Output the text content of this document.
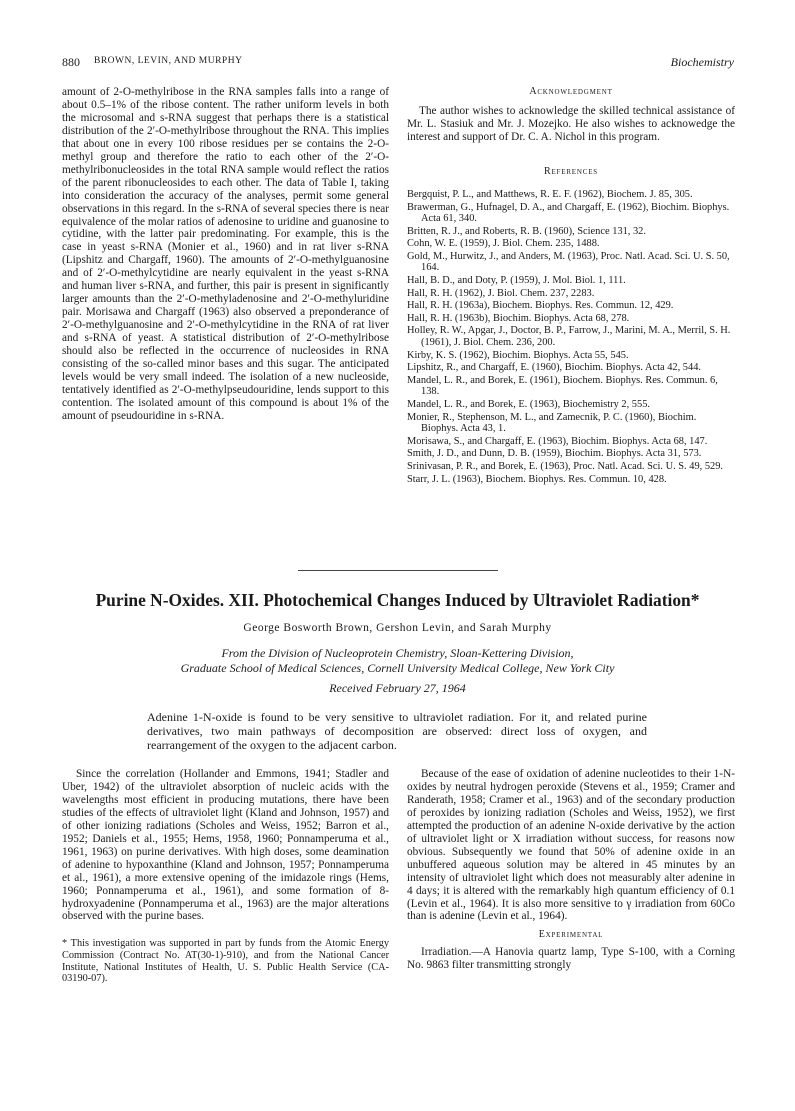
880 BROWN, LEVIN, AND MURPHY	Biochemistry

amount of 2-O-methylribose in the RNA samples falls into a range of about 0.5–1% of the ribose content. The rather uniform levels in both the microsomal and s-RNA suggest that perhaps there is a statistical distribution of the 2′-O-methylribose throughout the RNA. This implies that about one in every 100 ribose residues per se contains the 2-O-methyl group and therefore the ratio to each other of the 2′-O-methylribonucleosides in the total RNA sample would reflect the ratios of the parent ribonucleosides to each other. The data of Table I, taking into consideration the accuracy of the analyses, permit some general observations in this regard. In the s-RNA of several species there is near equivalence of the molar ratios of adenosine to uridine and guanosine to cytidine, with the latter pair predominating. For example, this is the case in yeast s-RNA (Monier et al., 1960) and in rat liver s-RNA (Lipshitz and Chargaff, 1960). The amounts of 2′-O-methylguanosine and of 2′-O-methylcytidine are nearly equivalent in the yeast s-RNA and human liver s-RNA, and further, this pair is present in significantly larger amounts than the 2′-O-methyladenosine and 2′-O-methyluridine pair. Morisawa and Chargaff (1963) also observed a preponderance of 2′-O-methylguanosine and 2′-O-methylcytidine in the RNA of rat liver and s-RNA of yeast. A statistical distribution of 2′-O-methylribose should also be reflected in the occurrence of nucleosides in RNA consisting of the so-called minor bases and this sugar. The anticipated levels would be very small indeed. The isolation of a new nucleoside, tentatively identified as 2′-O-methylpseudouridine, lends support to this contention. The isolated amount of this compound is about 1% of the amount of pseudouridine in s-RNA.

Acknowledgment

The author wishes to acknowledge the skilled technical assistance of Mr. L. Stasiuk and Mr. J. Mozejko. He also wishes to acknowedge the interest and support of Dr. C. A. Nichol in this program.

References
Bergquist, P. L., and Matthews, R. E. F. (1962), Biochem. J. 85, 305.
Brawerman, G., Hufnagel, D. A., and Chargaff, E. (1962), Biochim. Biophys. Acta 61, 340.
Britten, R. J., and Roberts, R. B. (1960), Science 131, 32.
Cohn, W. E. (1959), J. Biol. Chem. 235, 1488.
Gold, M., Hurwitz, J., and Anders, M. (1963), Proc. Natl. Acad. Sci. U. S. 50, 164.
Hall, B. D., and Doty, P. (1959), J. Mol. Biol. 1, 111.
Hall, R. H. (1962), J. Biol. Chem. 237, 2283.
Hall, R. H. (1963a), Biochem. Biophys. Res. Commun. 12, 429.
Hall, R. H. (1963b), Biochim. Biophys. Acta 68, 278.
Holley, R. W., Apgar, J., Doctor, B. P., Farrow, J., Marini, M. A., Merril, S. H. (1961), J. Biol. Chem. 236, 200.
Kirby, K. S. (1962), Biochim. Biophys. Acta 55, 545.
Lipshitz, R., and Chargaff, E. (1960), Biochim. Biophys. Acta 42, 544.
Mandel, L. R., and Borek, E. (1961), Biochem. Biophys. Res. Commun. 6, 138.
Mandel, L. R., and Borek, E. (1963), Biochemistry 2, 555.
Monier, R., Stephenson, M. L., and Zamecnik, P. C. (1960), Biochim. Biophys. Acta 43, 1.
Morisawa, S., and Chargaff, E. (1963), Biochim. Biophys. Acta 68, 147.
Smith, J. D., and Dunn, D. B. (1959), Biochim. Biophys. Acta 31, 573.
Srinivasan, P. R., and Borek, E. (1963), Proc. Natl. Acad. Sci. U. S. 49, 529.
Starr, J. L. (1963), Biochem. Biophys. Res. Commun. 10, 428.
Purine N-Oxides. XII. Photochemical Changes Induced by Ultraviolet Radiation*
George Bosworth Brown, Gershon Levin, and Sarah Murphy
From the Division of Nucleoprotein Chemistry, Sloan-Kettering Division,
Graduate School of Medical Sciences, Cornell University Medical College, New York City
Received February 27, 1964

Adenine 1-N-oxide is found to be very sensitive to ultraviolet radiation. For it, and related purine derivatives, two main pathways of decomposition are observed: direct loss of oxygen, and rearrangement of the oxygen to the adjacent carbon.

Since the correlation (Hollander and Emmons, 1941; Stadler and Uber, 1942) of the ultraviolet absorption of nucleic acids with the wavelengths most efficient in producing mutations, there have been studies of the effects of ultraviolet light (Kland and Johnson, 1957) and of other ionizing radiations (Scholes and Weiss, 1952; Barron et al., 1952; Daniels et al., 1955; Hems, 1958, 1960; Ponnamperuma et al., 1961, 1963) on purine derivatives. With high doses, some deamination of adenine to hypoxanthine (Kland and Johnson, 1957; Ponnamperuma et al., 1961), a more extensive opening of the imidazole rings (Hems, 1960; Ponnamperuma et al., 1961), and some formation of 8-hydroxyadenine (Ponnamperuma et al., 1963) are the major alterations observed with the purine bases.

* This investigation was supported in part by funds from the Atomic Energy Commission (Contract No. AT(30-1)-910), and from the National Cancer Institute, National Institutes of Health, U. S. Public Health Service (CA-03190-07).

Because of the ease of oxidation of adenine nucleotides to their 1-N-oxides by neutral hydrogen peroxide (Stevens et al., 1959; Cramer and Randerath, 1958; Cramer et al., 1963) and of the secondary production of peroxides by ionizing radiation (Scholes and Weiss, 1952), we first attempted the production of an adenine N-oxide derivative by the action of ultraviolet light or X irradiation without success, for reasons now obvious. Subsequently we found that 50% of adenine oxide in an unbuffered aqueous solution may be altered in 45 minutes by an intensity of ultraviolet light which does not measurably alter adenine in 4 days; it is altered with the remarkably high quantum efficiency of 0.1 (Levin et al., 1964). It is also more sensitive to γ irradiation from 60Co than is adenine (Levin et al., 1964).

Experimental

Irradiation.—A Hanovia quartz lamp, Type S-100, with a Corning No. 9863 filter transmitting strongly
